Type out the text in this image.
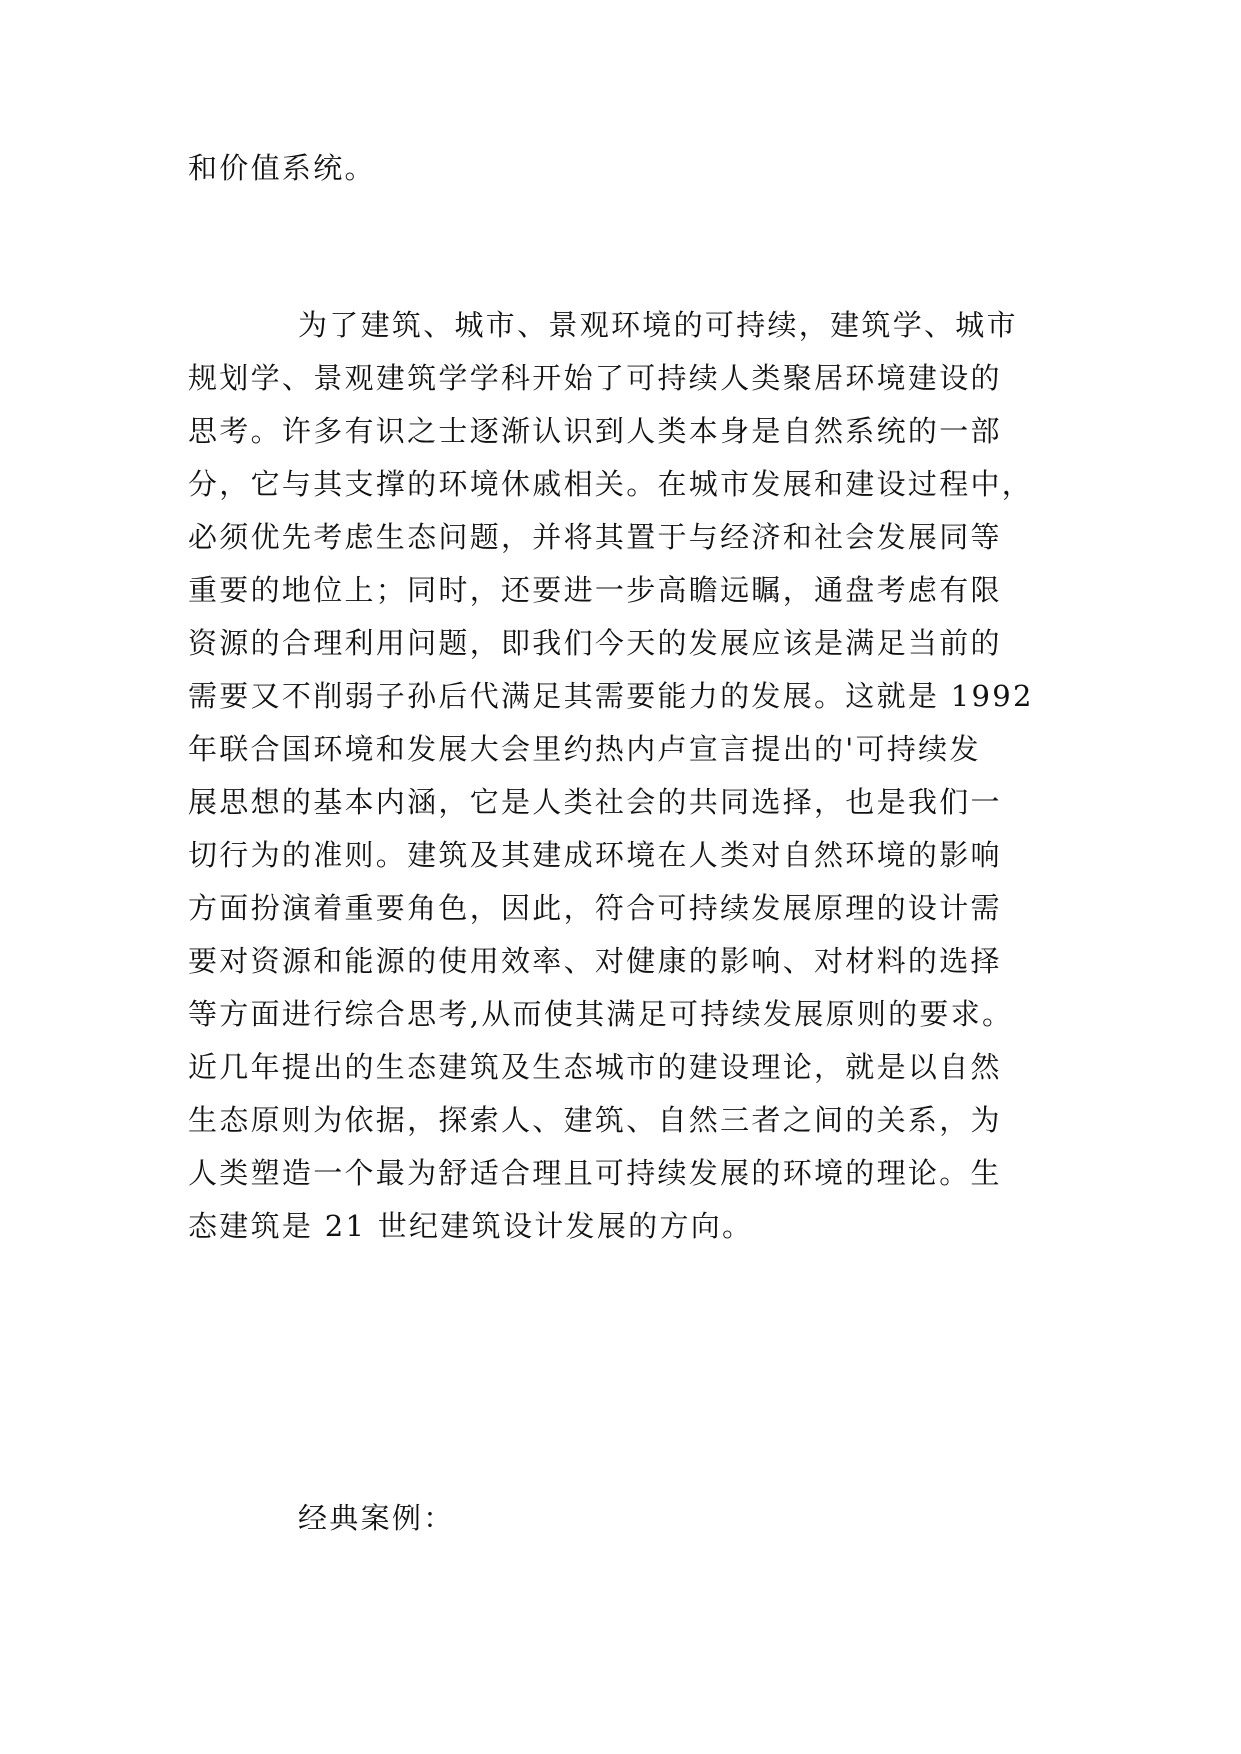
和价值系统。
为了建筑、城市、景观环境的可持续，建筑学、城市
规划学、景观建筑学学科开始了可持续人类聚居环境建设的
思考。许多有识之士逐渐认识到人类本身是自然系统的一部
分，它与其支撑的环境休戚相关。在城市发展和建设过程中，
必须优先考虑生态问题，并将其置于与经济和社会发展同等
重要的地位上；同时，还要进一步高瞻远瞩，通盘考虑有限
资源的合理利用问题，即我们今天的发展应该是满足当前的
需要又不削弱子孙后代满足其需要能力的发展。这就是 1992
年联合国环境和发展大会里约热内卢宣言提出的'可持续发
展思想的基本内涵，它是人类社会的共同选择，也是我们一
切行为的准则。建筑及其建成环境在人类对自然环境的影响
方面扮演着重要角色，因此，符合可持续发展原理的设计需
要对资源和能源的使用效率、对健康的影响、对材料的选择
等方面进行综合思考,从而使其满足可持续发展原则的要求。
近几年提出的生态建筑及生态城市的建设理论，就是以自然
生态原则为依据，探索人、建筑、自然三者之间的关系，为
人类塑造一个最为舒适合理且可持续发展的环境的理论。生
态建筑是 21 世纪建筑设计发展的方向。
经典案例：
